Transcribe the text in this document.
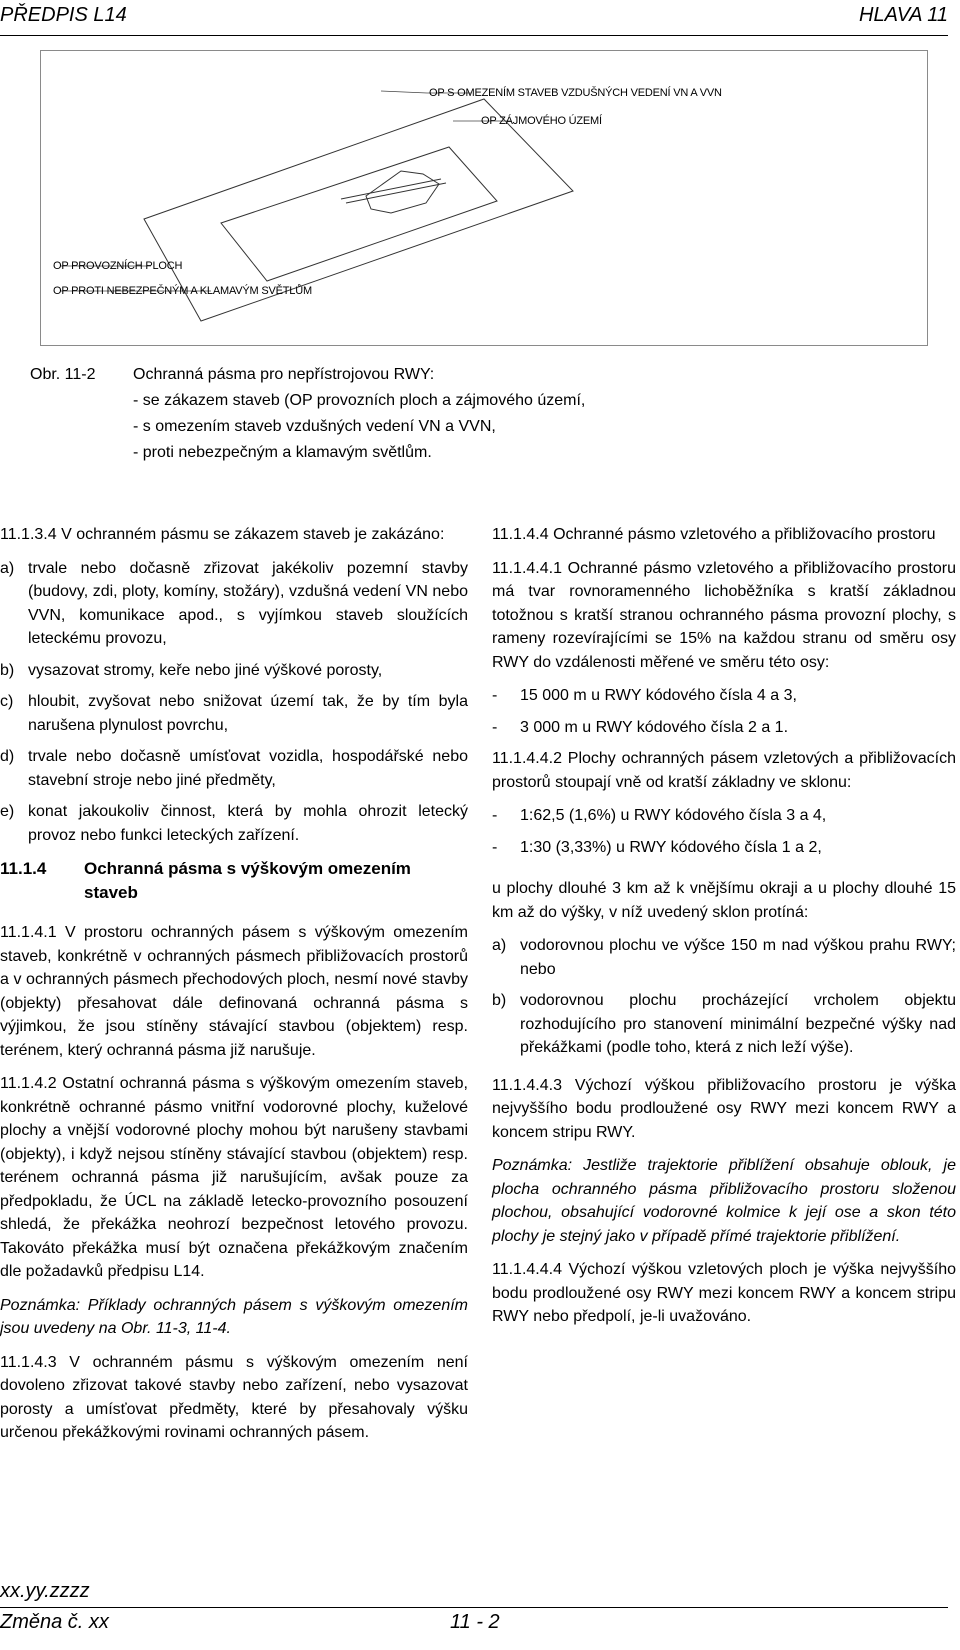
PŘEDPIS L14	HLAVA 11
OP S OMEZENÍM STAVEB VZDUŠNÝCH VEDENÍ VN A VVN
OP ZÁJMOVÉHO ÚZEMÍ
OP PROVOZNÍCH PLOCH
OP PROTI NEBEZPEČNÝM A KLAMAVÝM SVĚTLŮM
Obr. 11-2 Ochranná pásma pro nepřístrojovou RWY:
- se zákazem staveb (OP provozních ploch a zájmového území,
- s omezením staveb vzdušných vedení VN a VVN,
- proti nebezpečným a klamavým světlům.

11.1.3.4 V ochranném pásmu se zákazem staveb je zakázáno:

a) trvale nebo dočasně zřizovat jakékoliv pozemní stavby (budovy, zdi, ploty, komíny, stožáry), vzdušná vedení VN nebo VVN, komunikace apod., s vyjímkou staveb sloužících leteckému provozu,
b) vysazovat stromy, keře nebo jiné výškové porosty,
c) hloubit, zvyšovat nebo snižovat území tak, že by tím byla narušena plynulost povrchu,
d) trvale nebo dočasně umísťovat vozidla, hospodářské nebo stavební stroje nebo jiné předměty,
e) konat jakoukoliv činnost, která by mohla ohrozit letecký provoz nebo funkci leteckých zařízení.
11.1.4	Ochranná pásma s výškovým omezením staveb

11.1.4.1 V prostoru ochranných pásem s výškovým omezením staveb, konkrétně v ochranných pásmech přibližovacích prostorů a v ochranných pásmech přechodových ploch, nesmí nové stavby (objekty) přesahovat dále definovaná ochranná pásma s výjimkou, že jsou stíněny stávající stavbou (objektem) resp. terénem, který ochranná pásma již narušuje.

11.1.4.2 Ostatní ochranná pásma s výškovým omezením staveb, konkrétně ochranné pásmo vnitřní vodorovné plochy, kuželové plochy a vnější vodorovné plochy mohou být narušeny stavbami (objekty), i když nejsou stíněny stávající stavbou (objektem) resp. terénem ochranná pásma již narušujícím, avšak pouze za předpokladu, že ÚCL na základě letecko-provozního posouzení shledá, že překážka neohrozí bezpečnost letového provozu. Takováto překážka musí být označena překážkovým značením dle požadavků předpisu L14.

Poznámka: Příklady ochranných pásem s výškovým omezením jsou uvedeny na Obr. 11-3, 11-4.

11.1.4.3 V ochranném pásmu s výškovým omezením není dovoleno zřizovat takové stavby nebo zařízení, nebo vysazovat porosty a umísťovat předměty, které by přesahovaly výšku určenou překážkovými rovinami ochranných pásem.

11.1.4.4 Ochranné pásmo vzletového a přibližovacího prostoru

11.1.4.4.1 Ochranné pásmo vzletového a přibližovacího prostoru má tvar rovnoramenného lichoběžníka s kratší základnou totožnou s kratší stranou ochranného pásma provozní plochy, s rameny rozevírajícími se 15% na každou stranu od směru osy RWY do vzdálenosti měřené ve směru této osy:

-	15 000 m u RWY kódového čísla 4 a 3,
-	3 000 m u RWY kódového čísla 2 a 1.

11.1.4.4.2 Plochy ochranných pásem vzletových a přibližovacích prostorů stoupají vně od kratší základny ve sklonu:

-	1:62,5 (1,6%) u RWY kódového čísla 3 a 4,
-	1:30 (3,33%) u RWY kódového čísla 1 a 2,

u plochy dlouhé 3 km až k vnějšímu okraji a u plochy dlouhé 15 km až do výšky, v níž uvedený sklon protíná:

a) vodorovnou plochu ve výšce 150 m nad výškou prahu RWY; nebo
b) vodorovnou plochu procházející vrcholem objektu rozhodujícího pro stanovení minimální bezpečné výšky nad překážkami (podle toho, která z nich leží výše).

11.1.4.4.3 Výchozí výškou přibližovacího prostoru je výška nejvyššího bodu prodloužené osy RWY mezi koncem RWY a koncem stripu RWY.

Poznámka: Jestliže trajektorie přiblížení obsahuje oblouk, je plocha ochranného pásma přibližovacího prostoru složenou plochou, obsahující vodorovné kolmice k její ose a skon této plochy je stejný jako v případě přímé trajektorie přiblížení.

11.1.4.4.4 Výchozí výškou vzletových ploch je výška nejvyššího bodu prodloužené osy RWY mezi koncem RWY a koncem stripu RWY nebo předpolí, je-li uvažováno.

xx.yy.zzzz
Změna č. xx	11 - 2
